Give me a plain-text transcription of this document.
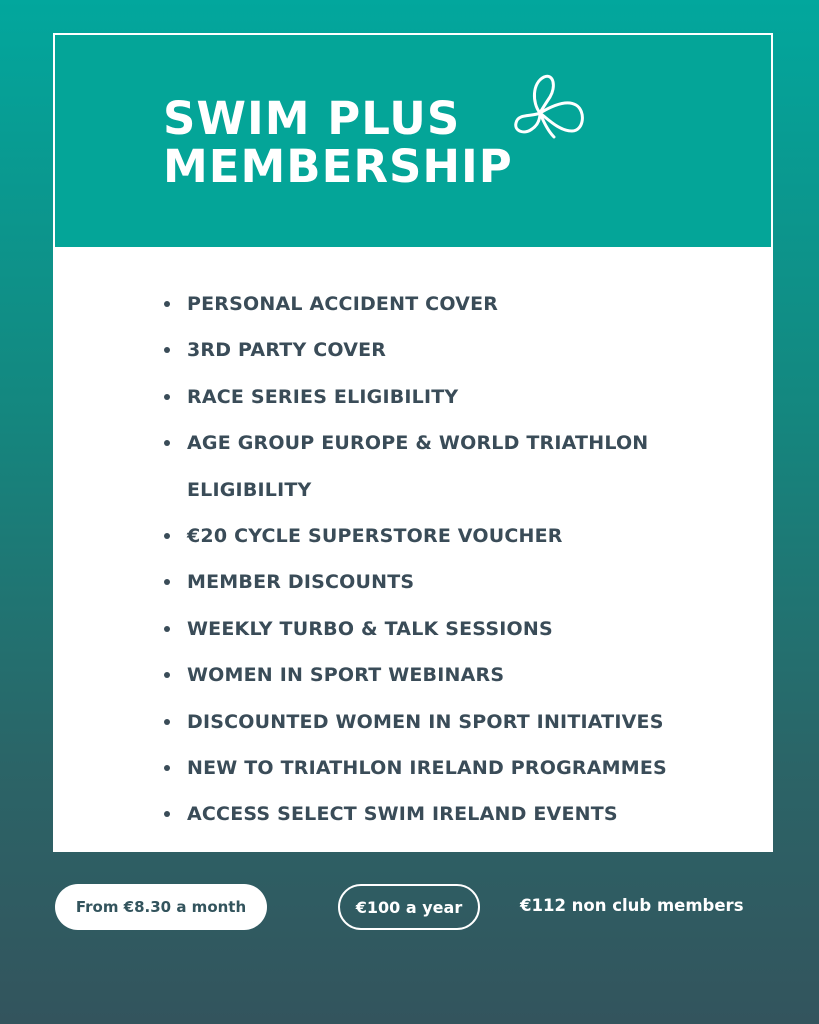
SWIM PLUS
MEMBERSHIP
PERSONAL ACCIDENT COVER
3RD PARTY COVER
RACE SERIES ELIGIBILITY
AGE GROUP EUROPE & WORLD TRIATHLON ELIGIBILITY
€20 CYCLE SUPERSTORE VOUCHER
MEMBER DISCOUNTS
WEEKLY TURBO & TALK SESSIONS
WOMEN IN SPORT WEBINARS
DISCOUNTED WOMEN IN SPORT INITIATIVES
NEW TO TRIATHLON IRELAND PROGRAMMES
ACCESS SELECT SWIM IRELAND EVENTS
From €8.30 a month	€100 a year	€112 non club members
